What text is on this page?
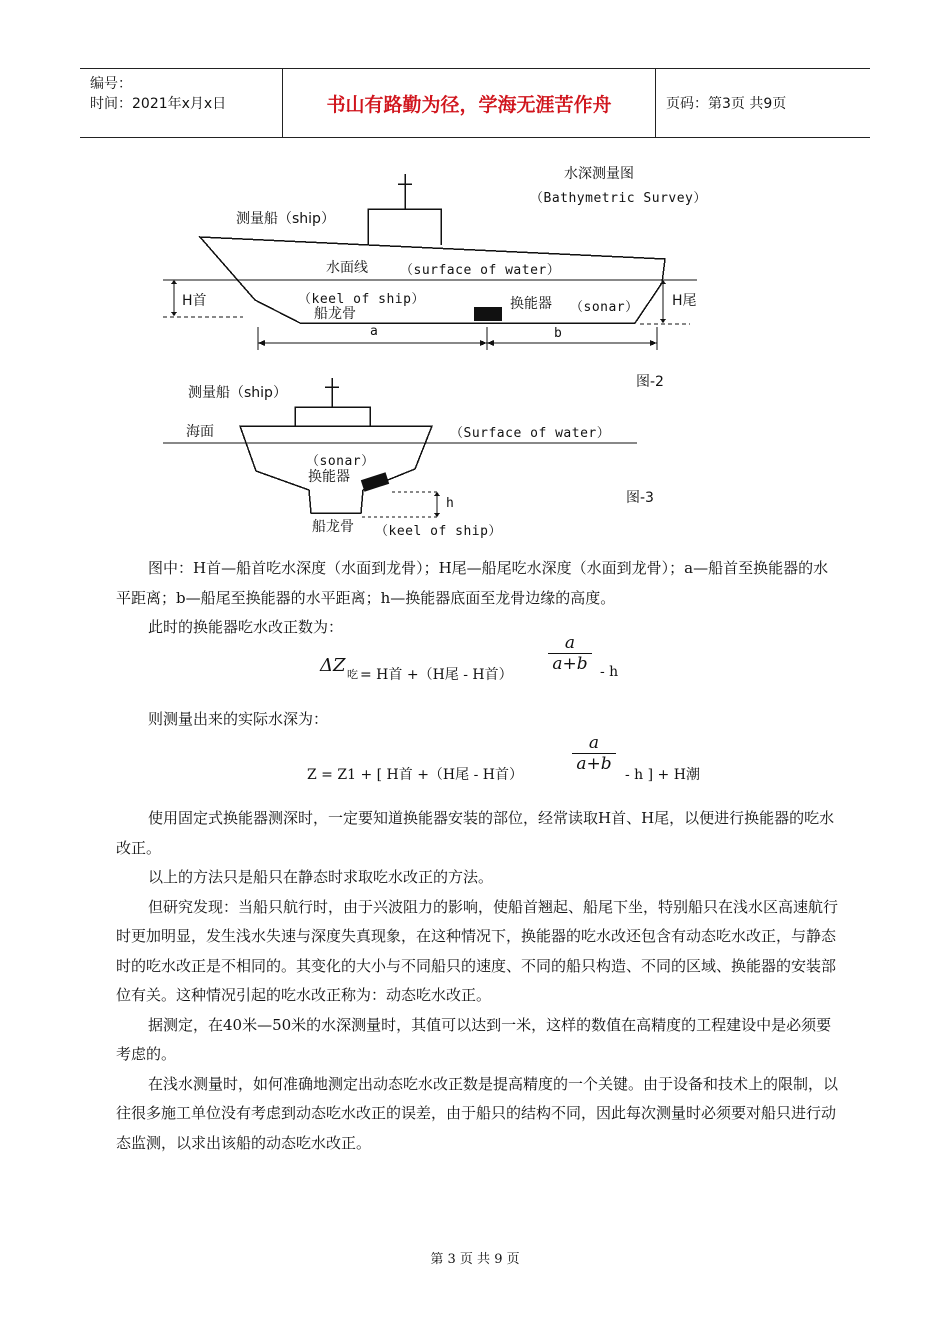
编号：
时间：2021年x月x日	书山有路勤为径，学海无涯苦作舟	页码：第3页 共9页
水深测量图
（Bathymetric Survey）
测量船（ship）
水面线 （surface of water）
H首	H尾
（keel of ship）
船龙骨
换能器 （sonar）
a	b
图-2
测量船（ship）
海面	（Surface of water）
（sonar）
换能器
h
船龙骨 （keel of ship）
图-3

图中：H首—船首吃水深度（水面到龙骨）；H尾—船尾吃水深度（水面到龙骨）；a—船首至换能器的水平距离；b—船尾至换能器的水平距离；h—换能器底面至龙骨边缘的高度。

此时的换能器吃水改正数为：

ΔZ 吃 = H首 +（H尾 - H首）
$\frac{a}{a+b}$ - h

则测量出来的实际水深为：

Z = Z1 + [ H首 +（H尾 - H首）
$\frac{a}{a+b}$
- h ] + H潮

使用固定式换能器测深时，一定要知道换能器安装的部位，经常读取H首、H尾，以便进行换能器的吃水改正。

以上的方法只是船只在静态时求取吃水改正的方法。

但研究发现：当船只航行时，由于兴波阻力的影响，使船首翘起、船尾下坐，特别船只在浅水区高速航行时更加明显，发生浅水失速与深度失真现象，在这种情况下，换能器的吃水改还包含有动态吃水改正，与静态时的吃水改正是不相同的。其变化的大小与不同船只的速度、不同的船只构造、不同的区域、换能器的安装部位有关。这种情况引起的吃水改正称为：动态吃水改正。

据测定，在40米—50米的水深测量时，其值可以达到一米，这样的数值在高精度的工程建设中是必须要考虑的。

在浅水测量时，如何准确地测定出动态吃水改正数是提高精度的一个关键。由于设备和技术上的限制，以往很多施工单位没有考虑到动态吃水改正的误差，由于船只的结构不同，因此每次测量时必须要对船只进行动态监测，以求出该船的动态吃水改正。

第 3 页 共 9 页
